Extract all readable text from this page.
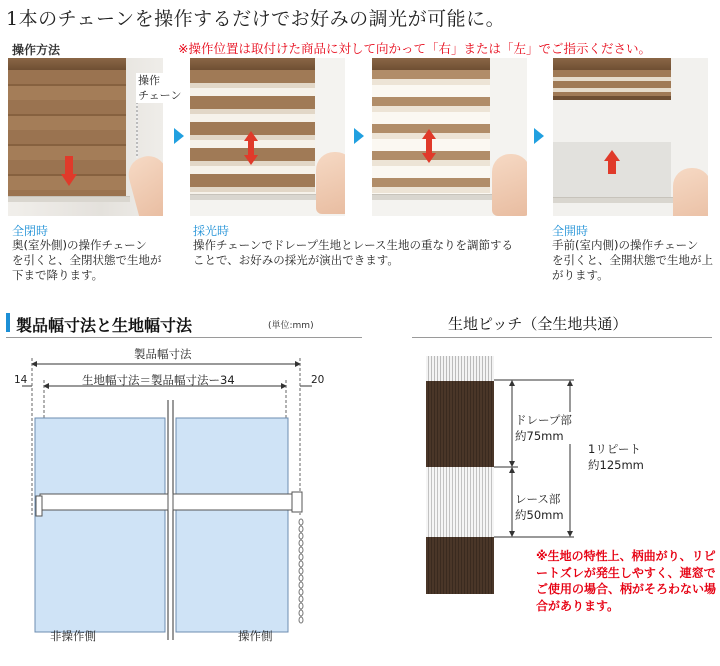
1本のチェーンを操作するだけでお好みの調光が可能に。
操作方法	※操作位置は取付けた商品に対して向かって「右」または「左」でご指示ください。
操作
チェーン
全閉時
奥(室外側)の操作チェーン
を引くと、全閉状態で生地が
下まで降ります。
採光時
操作チェーンでドレープ生地とレース生地の重なりを調節する
ことで、お好みの採光が演出できます。
全開時
手前(室内側)の操作チェーン
を引くと、全開状態で生地が上
がります。
製品幅寸法と生地幅寸法	(単位:mm)	生地ピッチ（全生地共通）
製品幅寸法
生地幅寸法＝製品幅寸法ー34
14	20
非操作側	操作側
ドレープ部
約75mm
レース部
約50mm
1リピート
約125mm
※生地の特性上、柄曲がり、リピートズレが発生しやすく、連窓でご使用の場合、柄がそろわない場合があります。
